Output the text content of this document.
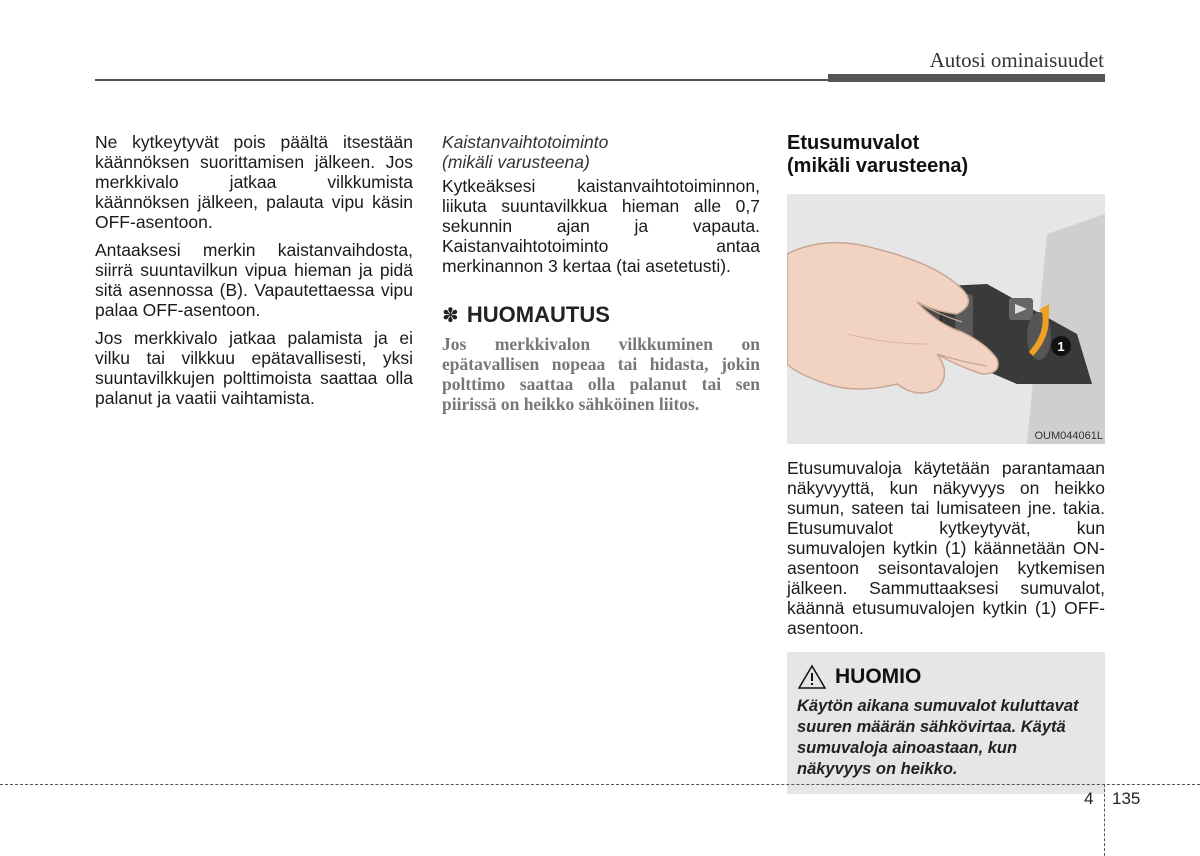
Autosi ominaisuudet

Ne kytkeytyvät pois päältä itsestään käännöksen suorittamisen jälkeen. Jos merkkivalo jatkaa vilkkumista käännöksen jälkeen, palauta vipu käsin OFF-asentoon.

Antaaksesi merkin kaistanvaihdosta, siirrä suuntavilkun vipua hieman ja pidä sitä asennossa (B). Vapautettaessa vipu palaa OFF-asentoon.

Jos merkkivalo jatkaa palamista ja ei vilku tai vilkkuu epätavallisesti, yksi suuntavilkkujen polttimoista saattaa olla palanut ja vaatii vaihtamista.

Kaistanvaihtotoiminto
(mikäli varusteena)

Kytkeäksesi kaistanvaihtotoiminnon, liikuta suuntavilkkua hieman alle 0,7 sekunnin ajan ja vapauta. Kaistanvaihtotoiminto antaa merkinannon 3 kertaa (tai asetetusti).

✽ HUOMAUTUS

Jos merkkivalon vilkkuminen on epätavallisen nopeaa tai hidasta, jokin polttimo saattaa olla palanut tai sen piirissä on heikko sähköinen liitos.

Etusumuvalot
(mikäli varusteena)
1
OUM044061L

Etusumuvaloja käytetään parantamaan näkyvyyttä, kun näkyvyys on heikko sumun, sateen tai lumisateen jne. takia. Etusumuvalot kytkeytyvät, kun sumuvalojen kytkin (1) käännetään ON-asentoon seisontavalojen kytkemisen jälkeen. Sammuttaaksesi sumuvalot, käännä etusumuvalojen kytkin (1) OFF-asentoon.

HUOMIO

Käytön aikana sumuvalot kuluttavat suuren määrän sähkövirtaa. Käytä sumuvaloja ainoastaan, kun näkyvyys on heikko.

4 135
